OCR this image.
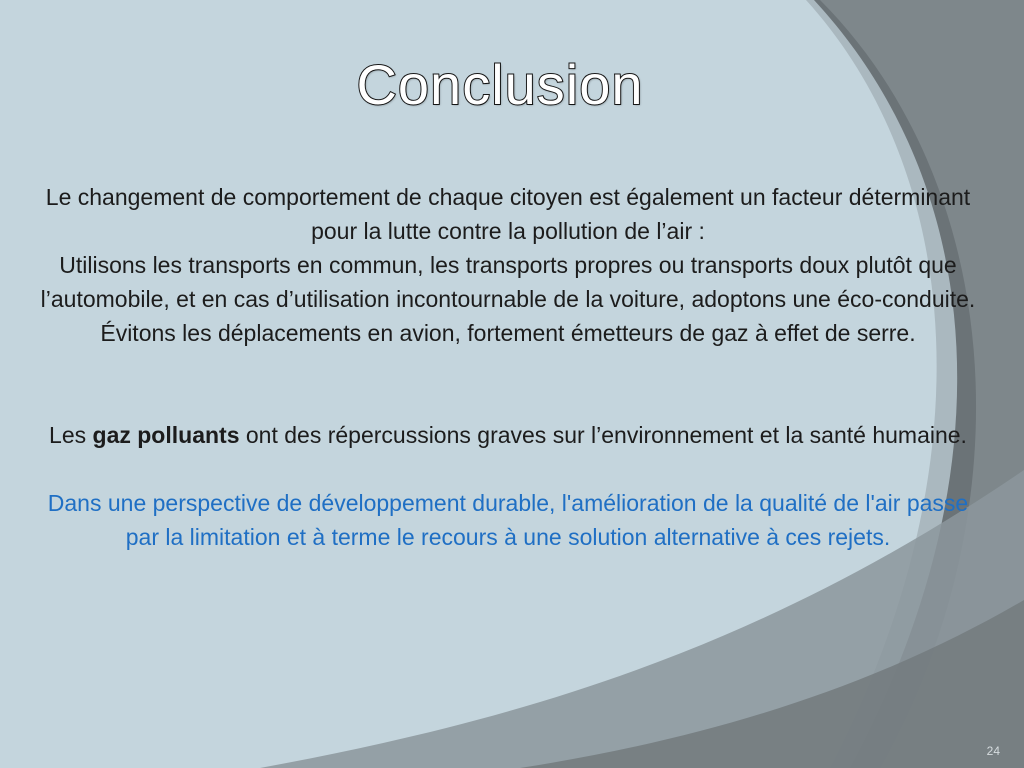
Conclusion

Le changement de comportement de chaque citoyen est également un facteur déterminant pour la lutte contre la pollution de l’air :

Utilisons les transports en commun, les transports propres ou transports doux plutôt que l’automobile, et en cas d’utilisation incontournable de la voiture, adoptons une éco-conduite.

Évitons les déplacements en avion, fortement émetteurs de gaz à effet de serre.

Les gaz polluants ont des répercussions graves sur l’environnement et la santé humaine.

Dans une perspective de développement durable, l'amélioration de la qualité de l'air passe par la limitation et à terme le recours à une solution alternative à ces rejets.

24
